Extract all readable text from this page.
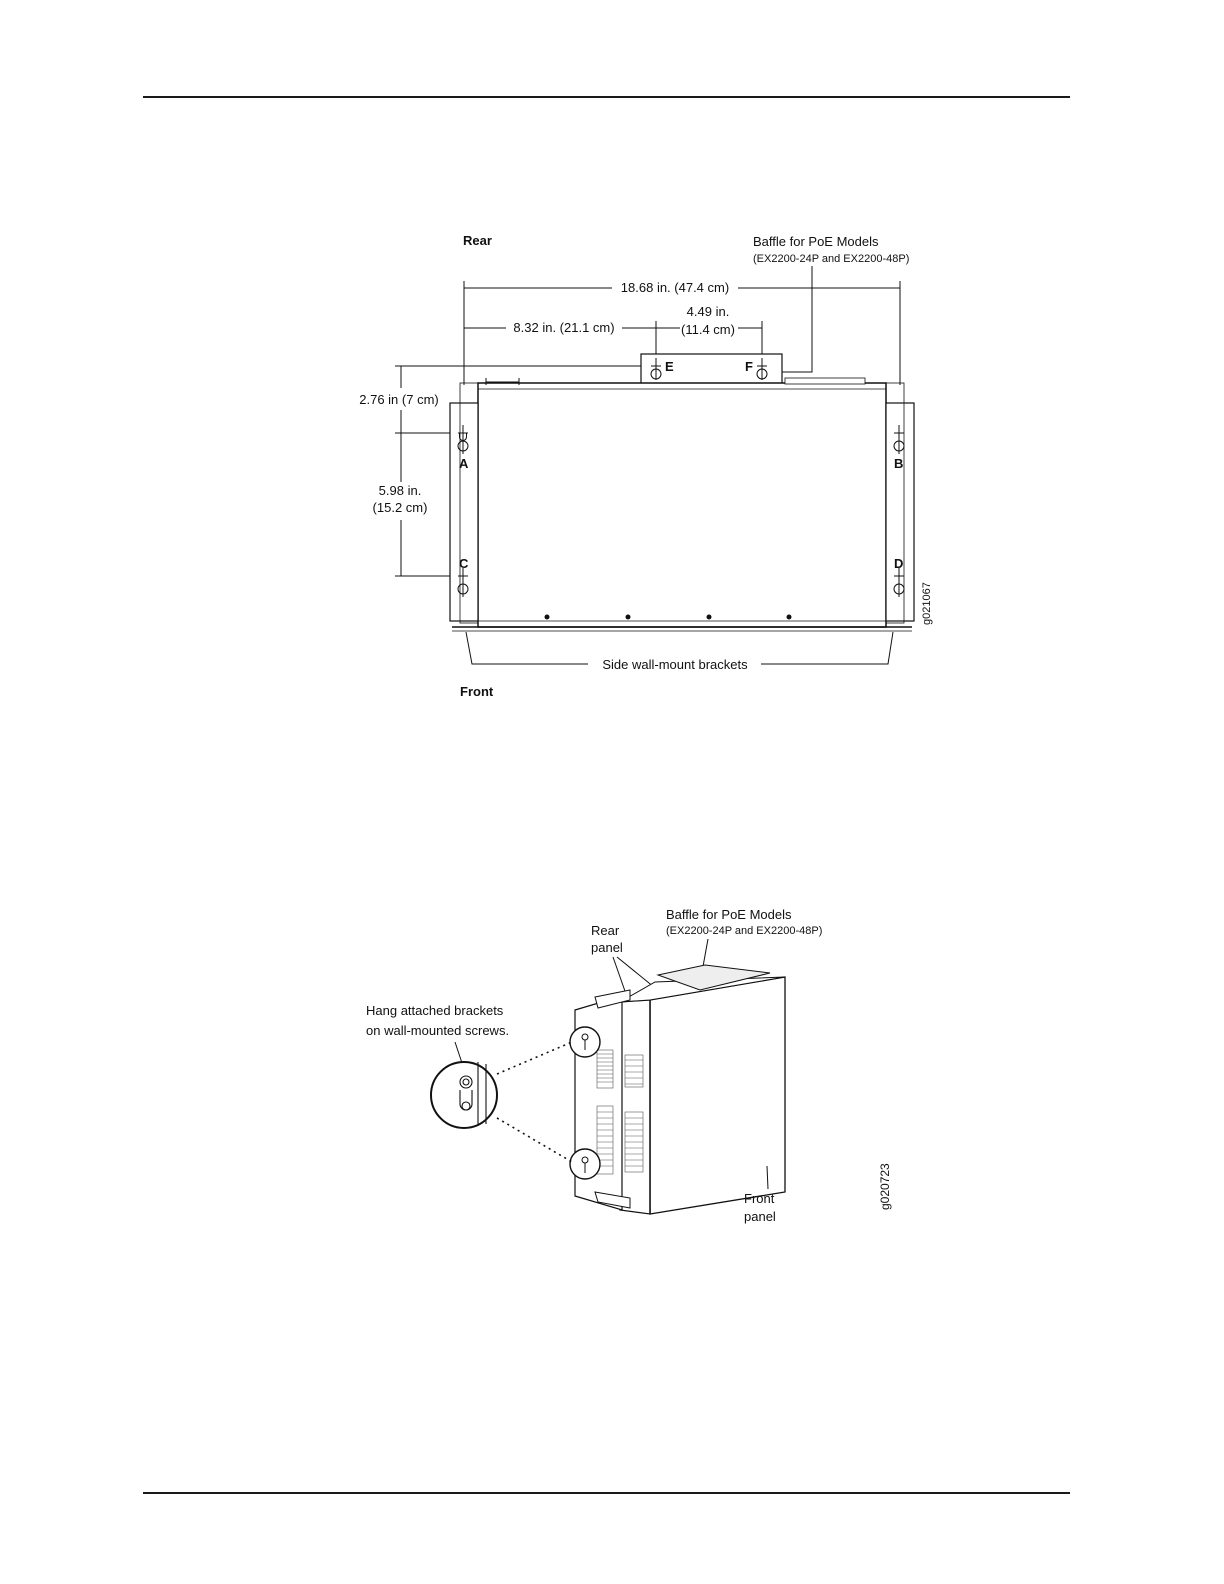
Rear
Front
Baffle for PoE Models
(EX2200-24P and EX2200-48P)
18.68 in. (47.4 cm)
8.32 in. (21.1 cm)
4.49 in.
(11.4 cm)
2.76 in (7 cm)
5.98 in.
(15.2 cm)
A	B
C	D
E	F
Side wall-mount brackets
g021067
Baffle for PoE Models
(EX2200-24P and EX2200-48P)
Rear
panel
Hang attached brackets
on wall-mounted screws.
Front
panel
g020723
